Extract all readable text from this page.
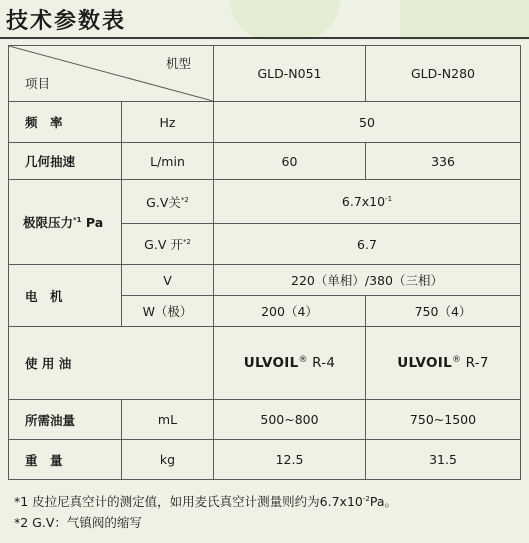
技术参数表
机型
项目		GLD-N051	GLD-N280
频　率	Hz	50	
几何抽速	L/min	60	336
极限压力$^{*1}$ Pa	G.V关$^{*2}$	$6.7x10^{-1}$
	G.V 开$^{*2}$	6.7	
电　机	V	220（单相）/380（三相）	
	W（极）	200（4）	750（4）
使 用 油		ULVOIL® R-4	ULVOIL® R-7
所需油量	mL	500~800	750~1500
重　量	kg	12.5	31.5
*1 皮拉尼真空计的测定值，如用麦氏真空计测量则约为$6.7x10^{-2}Pa$。
*2 G.V：气镇阀的缩写
